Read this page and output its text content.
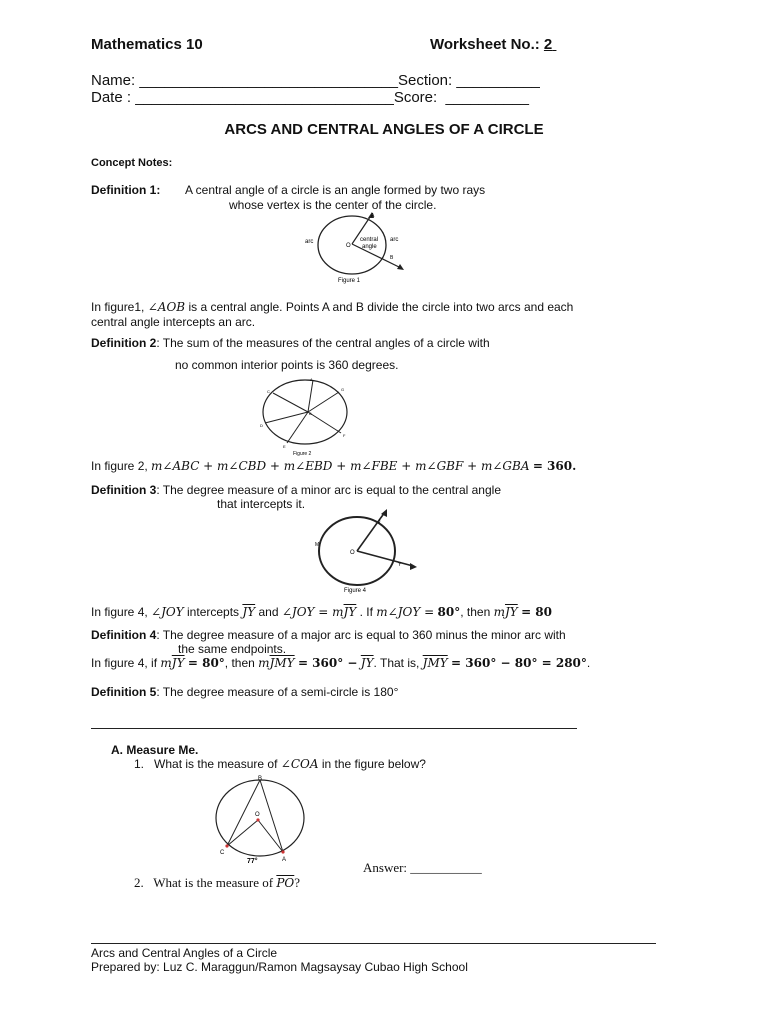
Mathematics 10	Worksheet No.: 2
Name: _______________________________Section: __________
Date : _______________________________Score: __________
ARCS AND CENTRAL ANGLES OF A CIRCLE
Concept Notes:
Definition 1: A central angle of a circle is an angle formed by two rays
whose vertex is the center of the circle.
arc
O
central
angle
arc
A
B
Figure 1
In figure1, ∠AOB is a central angle. Points A and B divide the circle into two arcs and each
central angle intercepts an arc.
Definition 2: The sum of the measures of the central angles of a circle with
no common interior points is 360 degrees.
A
B
C
D
E
F
G
Figure 2
In figure 2, m∠ABC + m∠CBD + m∠EBD + m∠FBE + m∠GBF + m∠GBA = 360.
Definition 3: The degree measure of a minor arc is equal to the central angle
that intercepts it.
M
O
J
Y
Figure 4
In figure 4, ∠JOY intercepts $\overline{JY}$ and ∠JOY = $m\overline{JY}$ . If m∠JOY = 80°, then $m\overline{JY} = 80$
Definition 4: The degree measure of a major arc is equal to 360 minus the minor arc with
the same endpoints.
In figure 4, if $m\overline{JY} = 80^\circ$, then $m\overline{JMY} = 360^\circ - \overline{JY}$. That is, $\overline{JMY} = 360^\circ - 80^\circ = 280^\circ$.
Definition 5: The degree measure of a semi-circle is 180°
A. Measure Me.
1. What is the measure of ∠COA in the figure below?
B
O
C
A
77°	Answer: ___________
2. What is the measure of $\overline{PO}$?
Arcs and Central Angles of a Circle
Prepared by: Luz C. Maraggun/Ramon Magsaysay Cubao High School
